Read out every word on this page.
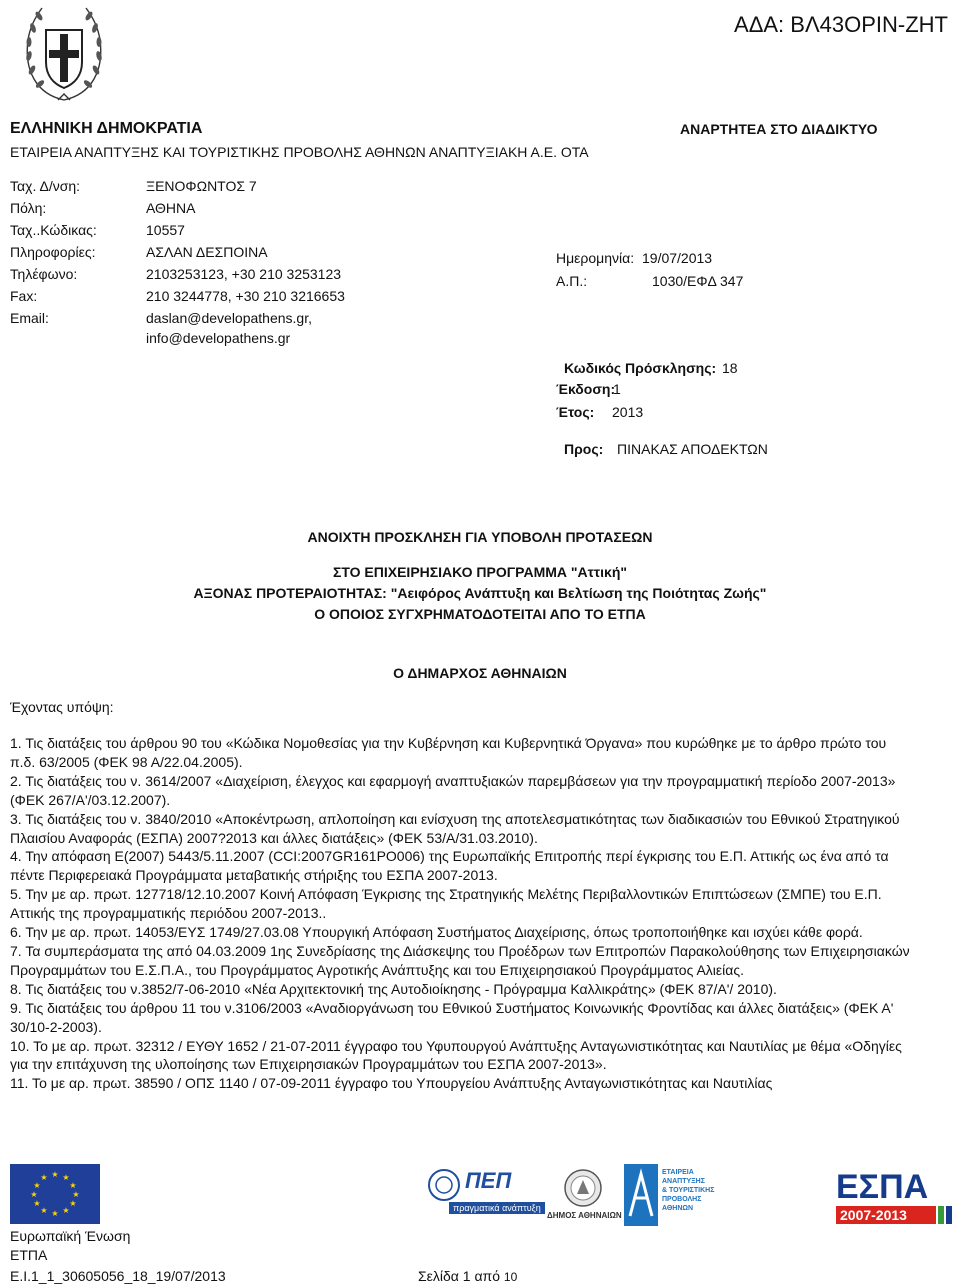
ΑΔΑ: ΒΛ43ΟΡΙΝ-ΖΗΤ
ΕΛΛΗΝΙΚΗ ΔΗΜΟΚΡΑΤΙΑ
ΕΤΑΙΡΕΙΑ ΑΝΑΠΤΥΞΗΣ ΚΑΙ ΤΟΥΡΙΣΤΙΚΗΣ ΠΡΟΒΟΛΗΣ ΑΘΗΝΩΝ ΑΝΑΠΤΥΞΙΑΚΗ Α.Ε. ΟΤΑ
ΑΝΑΡΤΗΤΕΑ ΣΤΟ ΔΙΑΔΙΚΤΥΟ
Ταχ. Δ/νση:	ΞΕΝΟΦΩΝΤΟΣ 7
Πόλη:	ΑΘΗΝΑ
Ταχ..Κώδικας:	10557
Πληροφορίες:	ΑΣΛΑΝ ΔΕΣΠΟΙΝΑ
Τηλέφωνο:	2103253123, +30 210 3253123
Fax:	210 3244778, +30 210 3216653
Email:	daslan@developathens.gr,
info@developathens.gr
Ημερομηνία: 19/07/2013
Α.Π.:	1030/ΕΦΔ 347
Κωδικός Πρόσκλησης: 18
Έκδοση:
1
Έτος: 2013
Προς: ΠΙΝΑΚΑΣ ΑΠΟΔΕΚΤΩΝ
ΑΝΟΙΧΤΗ ΠΡΟΣΚΛΗΣΗ ΓΙΑ ΥΠΟΒΟΛΗ ΠΡΟΤΑΣΕΩΝ
ΣΤΟ ΕΠΙΧΕΙΡΗΣΙΑΚΟ ΠΡΟΓΡΑΜΜΑ "Αττική"
ΑΞΟΝΑΣ ΠΡΟΤΕΡΑΙΟΤΗΤΑΣ: "Αειφόρος Ανάπτυξη και Βελτίωση της Ποιότητας Ζωής"
Ο ΟΠΟΙΟΣ ΣΥΓΧΡΗΜΑΤΟΔΟΤΕΙΤΑΙ ΑΠΟ ΤΟ ΕΤΠΑ
Ο ΔΗΜΑΡΧΟΣ ΑΘΗΝΑΙΩΝ
Έχοντας υπόψη:

1. Τις διατάξεις του άρθρου 90 του «Κώδικα Νομοθεσίας για την Κυβέρνηση και Κυβερνητικά Όργανα» που κυρώθηκε με το άρθρο πρώτο του π.δ. 63/2005 (ΦΕΚ 98 Α/22.04.2005).

2. Τις διατάξεις του ν. 3614/2007 «Διαχείριση, έλεγχος και εφαρμογή αναπτυξιακών παρεμβάσεων για την προγραμματική περίοδο 2007-2013» (ΦΕΚ 267/Α'/03.12.2007).

3. Τις διατάξεις του ν. 3840/2010 «Αποκέντρωση, απλοποίηση και ενίσχυση της αποτελεσματικότητας των διαδικασιών του Εθνικού Στρατηγικού Πλαισίου Αναφοράς (ΕΣΠΑ) 2007?2013 και άλλες διατάξεις» (ΦΕΚ 53/Α/31.03.2010).

4. Την απόφαση Ε(2007) 5443/5.11.2007 (CCI:2007GR161PO006) της Ευρωπαϊκής Επιτροπής περί έγκρισης του Ε.Π. Αττικής ως ένα από τα πέντε Περιφερειακά Προγράμματα μεταβατικής στήριξης του ΕΣΠΑ 2007-2013.

5. Την με αρ. πρωτ. 127718/12.10.2007 Κοινή Απόφαση Έγκρισης της Στρατηγικής Μελέτης Περιβαλλοντικών Επιπτώσεων (ΣΜΠΕ) του Ε.Π. Αττικής της προγραμματικής περιόδου 2007-2013..

6. Την με αρ. πρωτ. 14053/ΕΥΣ 1749/27.03.08 Υπουργική Απόφαση Συστήματος Διαχείρισης, όπως τροποποιήθηκε και ισχύει κάθε φορά.

7. Τα συμπεράσματα της από 04.03.2009 1ης Συνεδρίασης της Διάσκεψης του Προέδρων των Επιτροπών Παρακολούθησης των Επιχειρησιακών Προγραμμάτων του Ε.Σ.Π.Α., του Προγράμματος Αγροτικής Ανάπτυξης και του Επιχειρησιακού Προγράμματος Αλιείας.

8. Τις διατάξεις του ν.3852/7-06-2010 «Νέα Αρχιτεκτονική της Αυτοδιοίκησης - Πρόγραμμα Καλλικράτης» (ΦΕΚ 87/Α'/ 2010).

9. Τις διατάξεις του άρθρου 11 του ν.3106/2003 «Αναδιοργάνωση του Εθνικού Συστήματος Κοινωνικής Φροντίδας και άλλες διατάξεις» (ΦΕΚ Α' 30/10-2-2003).

10. Το με αρ. πρωτ. 32312 / ΕΥΘΥ 1652 / 21-07-2011 έγγραφο του Υφυπουργού Ανάπτυξης Ανταγωνιστικότητας και Ναυτιλίας με θέμα «Οδηγίες για την επιτάχυνση της υλοποίησης των Επιχειρησιακών Προγραμμάτων του ΕΣΠΑ 2007-2013».

11. Το με αρ. πρωτ. 38590 / ΟΠΣ 1140 / 07-09-2011 έγγραφο του Υπουργείου Ανάπτυξης Ανταγωνιστικότητας και Ναυτιλίας

★ ★
★
★
★
★
★
★
★
★
★
★	ΠΕΠ
πραγματικά ανάπτυξη
ΔΗΜΟΣ ΑΘΗΝΑΙΩΝ
ΕΤΑΙΡΕΙΑ
ΑΝΑΠΤΥΞΗΣ
& ΤΟΥΡΙΣΤΙΚΗΣ
ΠΡΟΒΟΛΗΣ
ΑΘΗΝΩΝ
ΕΣΠΑ
2007-2013
Ευρωπαϊκή Ένωση
ΕΤΠΑ
E.I.1_1_30605056_18_19/07/2013	Σελίδα 1 από 10
